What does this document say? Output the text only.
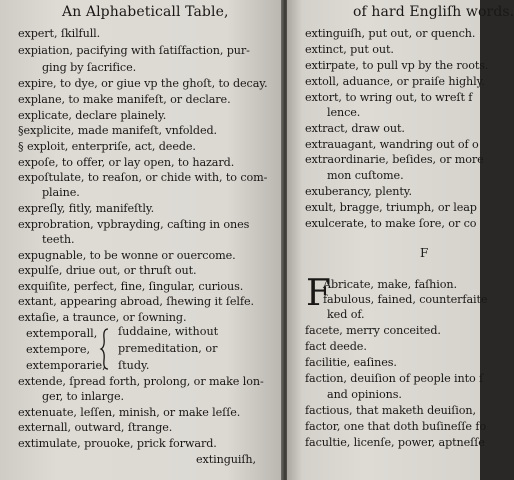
An Alphabeticall Table,
expert, ſkilfull.
expiation, pacifying with ſatiſfaction, pur-
ging by ſacrifice.
expire, to dye, or giue vp the ghoſt, to decay.
explane, to make manifeſt, or declare.
explicate, declare plainely.
§explicite, made manifeſt, vnfolded.
§ exploit, enterpriſe, act, deede.
expoſe, to offer, or lay open, to hazard.
expoſtulate, to reaſon, or chide with, to com-
plaine.
expreſly, fitly, manifeſtly.
exprobration, vpbrayding, caſting in ones
teeth.
expugnable, to be wonne or ouercome.
expulſe, driue out, or thruſt out.
exquiſite, perfect, fine, ſingular, curious.
extant, appearing abroad, ſhewing it ſelfe.
extaſie, a traunce, or ſowning.
extemporall,
extempore,
extemporarie,
ſuddaine, without
premeditation, or
ſtudy.
extende, ſpread forth, prolong, or make lon-
ger, to inlarge.
extenuate, leſſen, minish, or make leſſe.
externall, outward, ſtrange.
extimulate, prouoke, prick forward.
extinguiſh,
of hard Engliſh words.
extinguiſh, put out, or quench.
extinct, put out.
extirpate, to pull vp by the roots.
extoll, aduance, or praiſe highly.
extort, to wring out, to wreſt f
lence.
extract, draw out.
extrauagant, wandring out of o
extraordinarie, beſides, or more
mon cuſtome.
exuberancy, plenty.
exult, bragge, triumph, or leap
exulcerate, to make ſore, or co
F
F
Abricate, make, faſhion.
fabulous, fained, counterfaite
ked of.
facete, merry conceited.
fact deede.
facilitie, eaſines.
faction, deuiſion of people into ſ
and opinions.
factious, that maketh deuiſion,
factor, one that doth buſineſſe fo
facultie, licenſe, power, aptneſſe
